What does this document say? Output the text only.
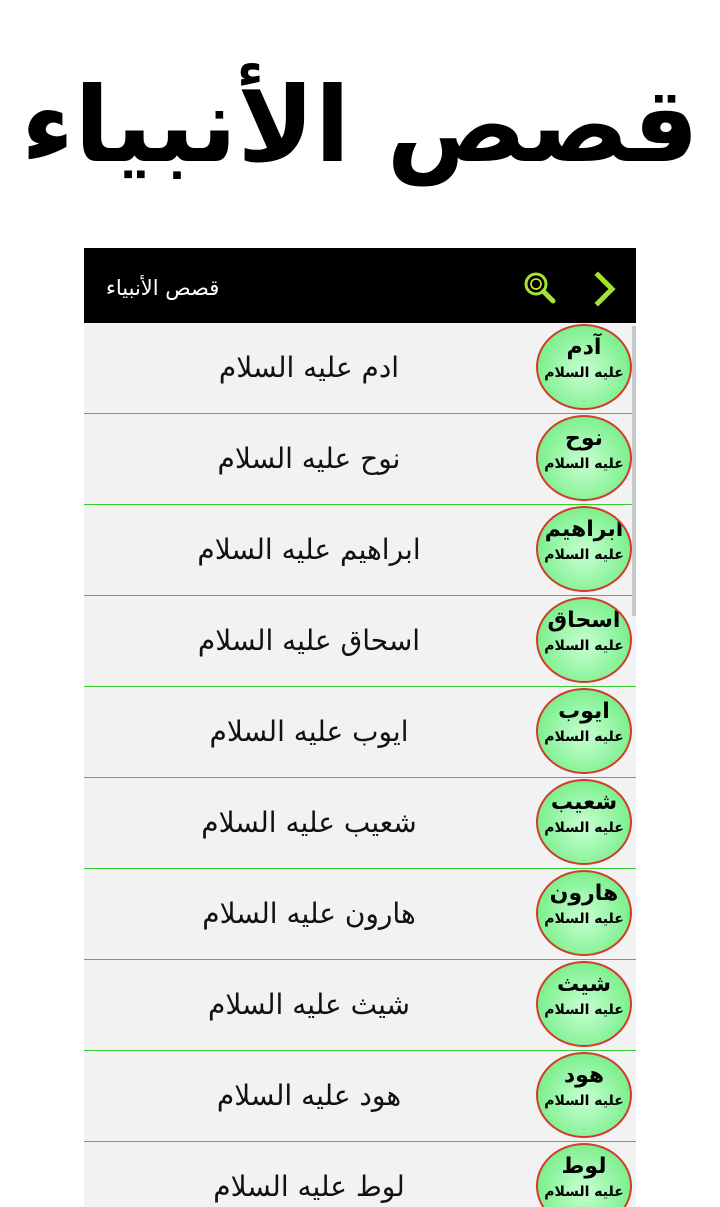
قصص الأنبياء
قصص الأنبياء
ادم عليه السلام
آدم
عليه السلام
نوح عليه السلام
نوح
عليه السلام
ابراهيم عليه السلام
ابراهيم
عليه السلام
اسحاق عليه السلام
اسحاق
عليه السلام
ايوب عليه السلام
ايوب
عليه السلام
شعيب عليه السلام
شعيب
عليه السلام
هارون عليه السلام
هارون
عليه السلام
شيث عليه السلام
شيث
عليه السلام
هود عليه السلام
هود
عليه السلام
لوط عليه السلام
لوط
عليه السلام
